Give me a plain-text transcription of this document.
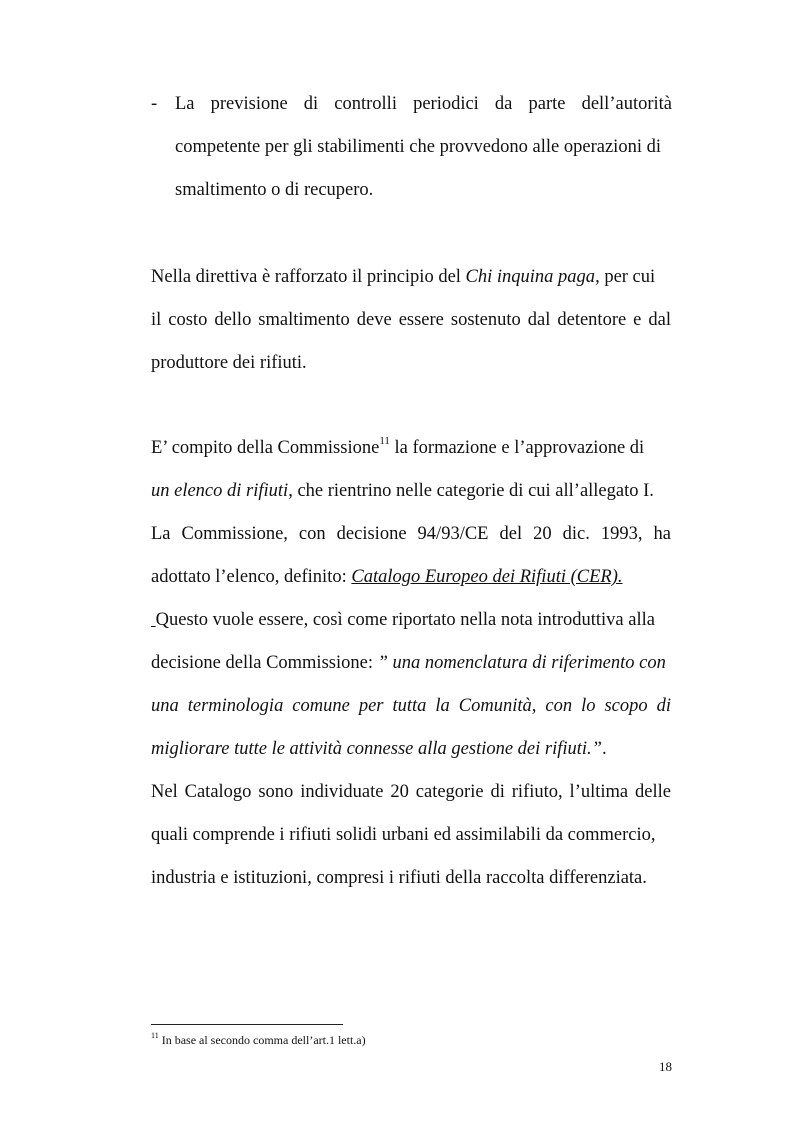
- La previsione di controlli periodici da parte dell’autorità
competente per gli stabilimenti che provvedono alle operazioni di
smaltimento o di recupero.
Nella direttiva è rafforzato il principio del Chi inquina paga, per cui
il costo dello smaltimento deve essere sostenuto dal detentore e dal
produttore dei rifiuti.
E’ compito della Commissione$^{11}$ la formazione e l’approvazione di
un elenco di rifiuti, che rientrino nelle categorie di cui all’allegato I.
La Commissione, con decisione 94/93/CE del 20 dic. 1993, ha
adottato l’elenco, definito: Catalogo Europeo dei Rifiuti (CER).
Questo vuole essere, così come riportato nella nota introduttiva alla
decisione della Commissione: ” una nomenclatura di riferimento con
una terminologia comune per tutta la Comunità, con lo scopo di
migliorare tutte le attività connesse alla gestione dei rifiuti.”.
Nel Catalogo sono individuate 20 categorie di rifiuto, l’ultima delle
quali comprende i rifiuti solidi urbani ed assimilabili da commercio,
industria e istituzioni, compresi i rifiuti della raccolta differenziata.
$^{11}$ In base al secondo comma dell’art.1 lett.a)
18
